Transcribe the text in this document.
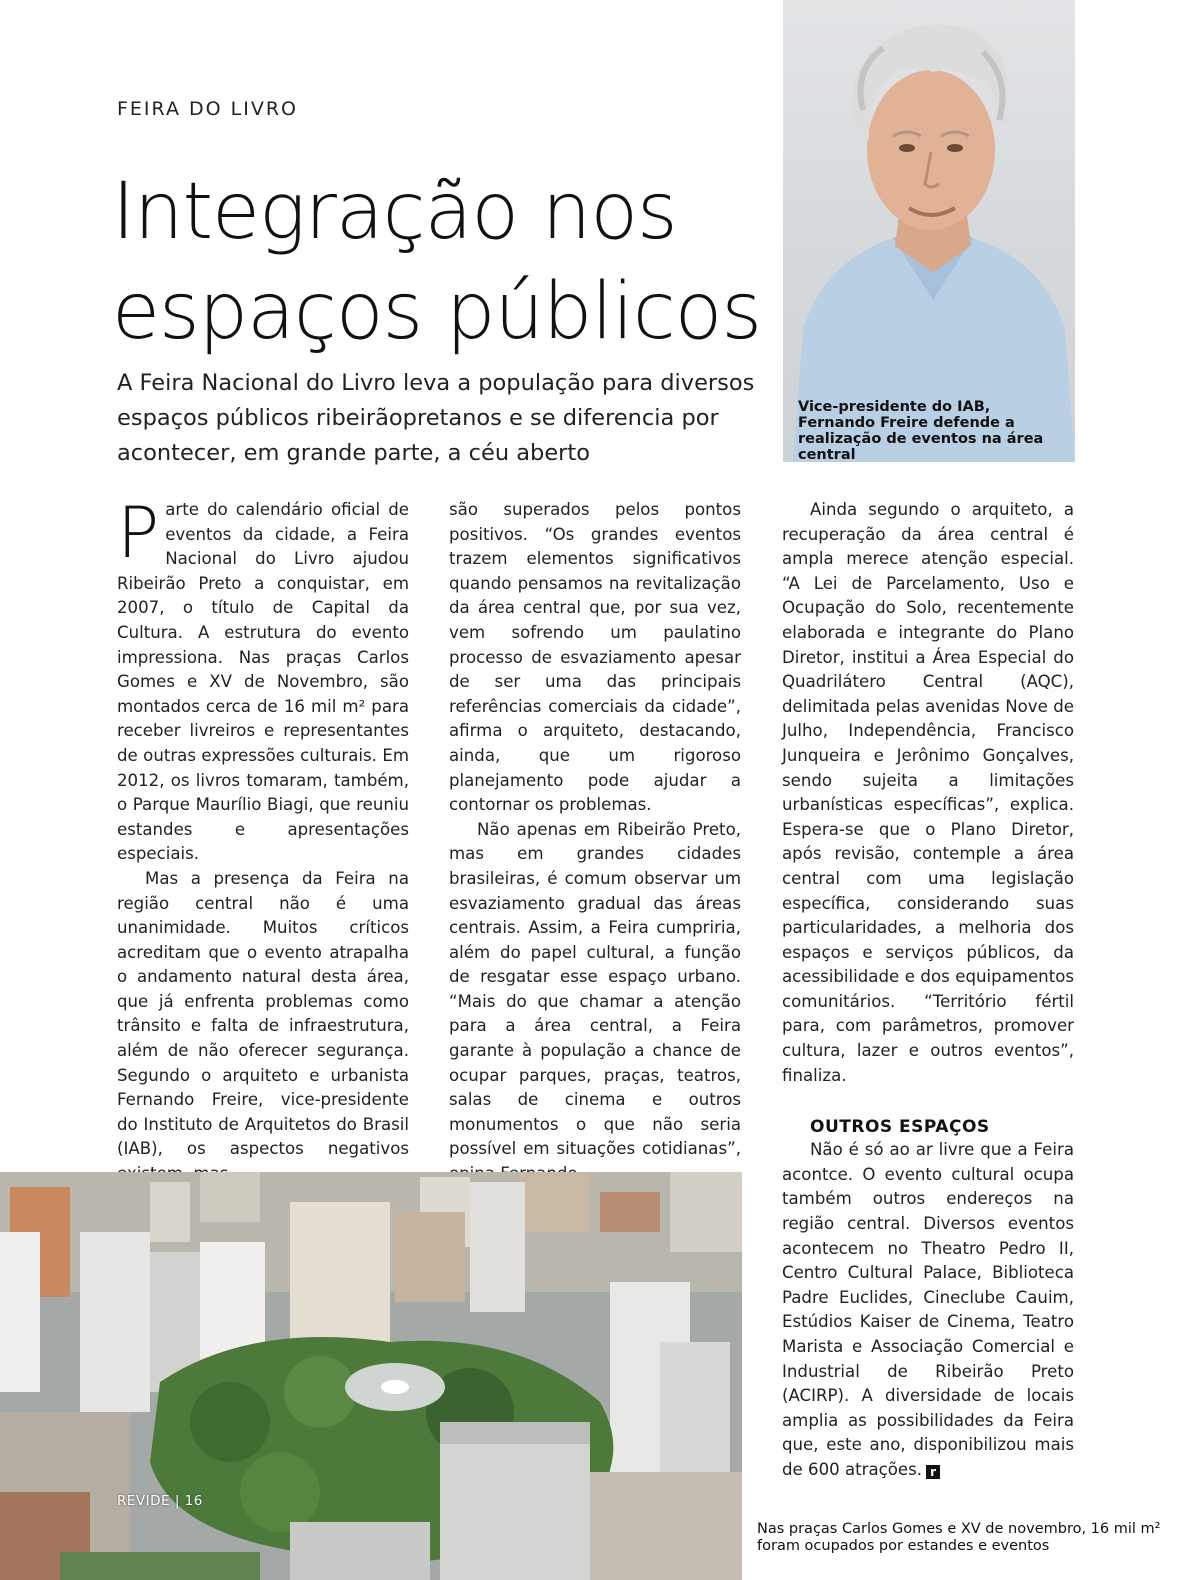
FEIRA DO LIVRO
Integração nos
espaços públicos

A Feira Nacional do Livro leva a população para diversos espaços públicos ribeirãopretanos e se diferencia por acontecer, em grande parte, a céu aberto

Vice-presidente do IAB, Fernando Freire defende a realização de eventos na área central

Parte do calendário oficial de eventos da cidade, a Feira Nacional do Livro ajudou Ribeirão Preto a conquistar, em 2007, o título de Capital da Cultura. A estrutura do evento impressiona. Nas praças Carlos Gomes e XV de Novembro, são montados cerca de 16 mil m² para receber livreiros e representantes de outras expressões culturais. Em 2012, os livros tomaram, também, o Parque Maurílio Biagi, que reuniu estandes e apresentações especiais.

Mas a presença da Feira na região central não é uma unanimidade. Muitos críticos acreditam que o evento atrapalha o andamento natural desta área, que já enfrenta problemas como trânsito e falta de infraestrutura, além de não oferecer segurança. Segundo o arquiteto e urbanista Fernando Freire, vice-presidente do Instituto de Arquitetos do Brasil (IAB), os aspectos negativos

são superados pelos pontos positivos. “Os grandes eventos trazem elementos significativos quando pensamos na revitalização da área central que, por sua vez, vem sofrendo um paulatino processo de esvaziamento apesar de ser uma das principais referências comerciais da cidade”, afirma o arquiteto, destacando, ainda, que um rigoroso planejamento pode ajudar a contornar os problemas.

Não apenas em Ribeirão Preto, mas em grandes cidades brasileiras, é comum observar um esvaziamento gradual das áreas centrais. Assim, a Feira cumpriria, além do papel cultural, a função de resgatar esse espaço urbano. “Mais do que chamar a atenção para a área central, a Feira garante à população a chance de ocupar parques, praças, teatros, salas de cinema e outros monumentos o que não seria possível em situações cotidianas”,

Ainda segundo o arquiteto, a recuperação da área central é ampla merece atenção especial. “A Lei de Parcelamento, Uso e Ocupação do Solo, recentemente elaborada e integrante do Plano Diretor, institui a Área Especial do Quadrilátero Central (AQC), delimitada pelas avenidas Nove de Julho, Independência, Francisco Junqueira e Jerônimo Gonçalves, sendo sujeita a limitações urbanísticas específicas”, explica. Espera-se que o Plano Diretor, após revisão, contemple a área central com uma legislação específica, considerando suas particularidades, a melhoria dos espaços e serviços públicos, da acessibilidade e dos equipamentos comunitários. “Território fértil para, com parâmetros, promover cultura, lazer e outros eventos”, finaliza.

OUTROS ESPAÇOS

Não é só ao ar livre que a Feira acontce. O evento cultural ocupa também outros endereços na região central. Diversos eventos acontecem no Theatro Pedro II, Centro Cultural Palace, Biblioteca Padre Euclides, Cineclube Cauim, Estúdios Kaiser de Cinema, Teatro Marista e Associação Comercial e Industrial de Ribeirão Preto (ACIRP). A diversidade de locais amplia as possibilidades da Feira que, este ano, disponibilizou mais de 600 atrações. r

REVIDE | 16

Nas praças Carlos Gomes e XV de novembro, 16 mil m² foram ocupados por estandes e eventos
